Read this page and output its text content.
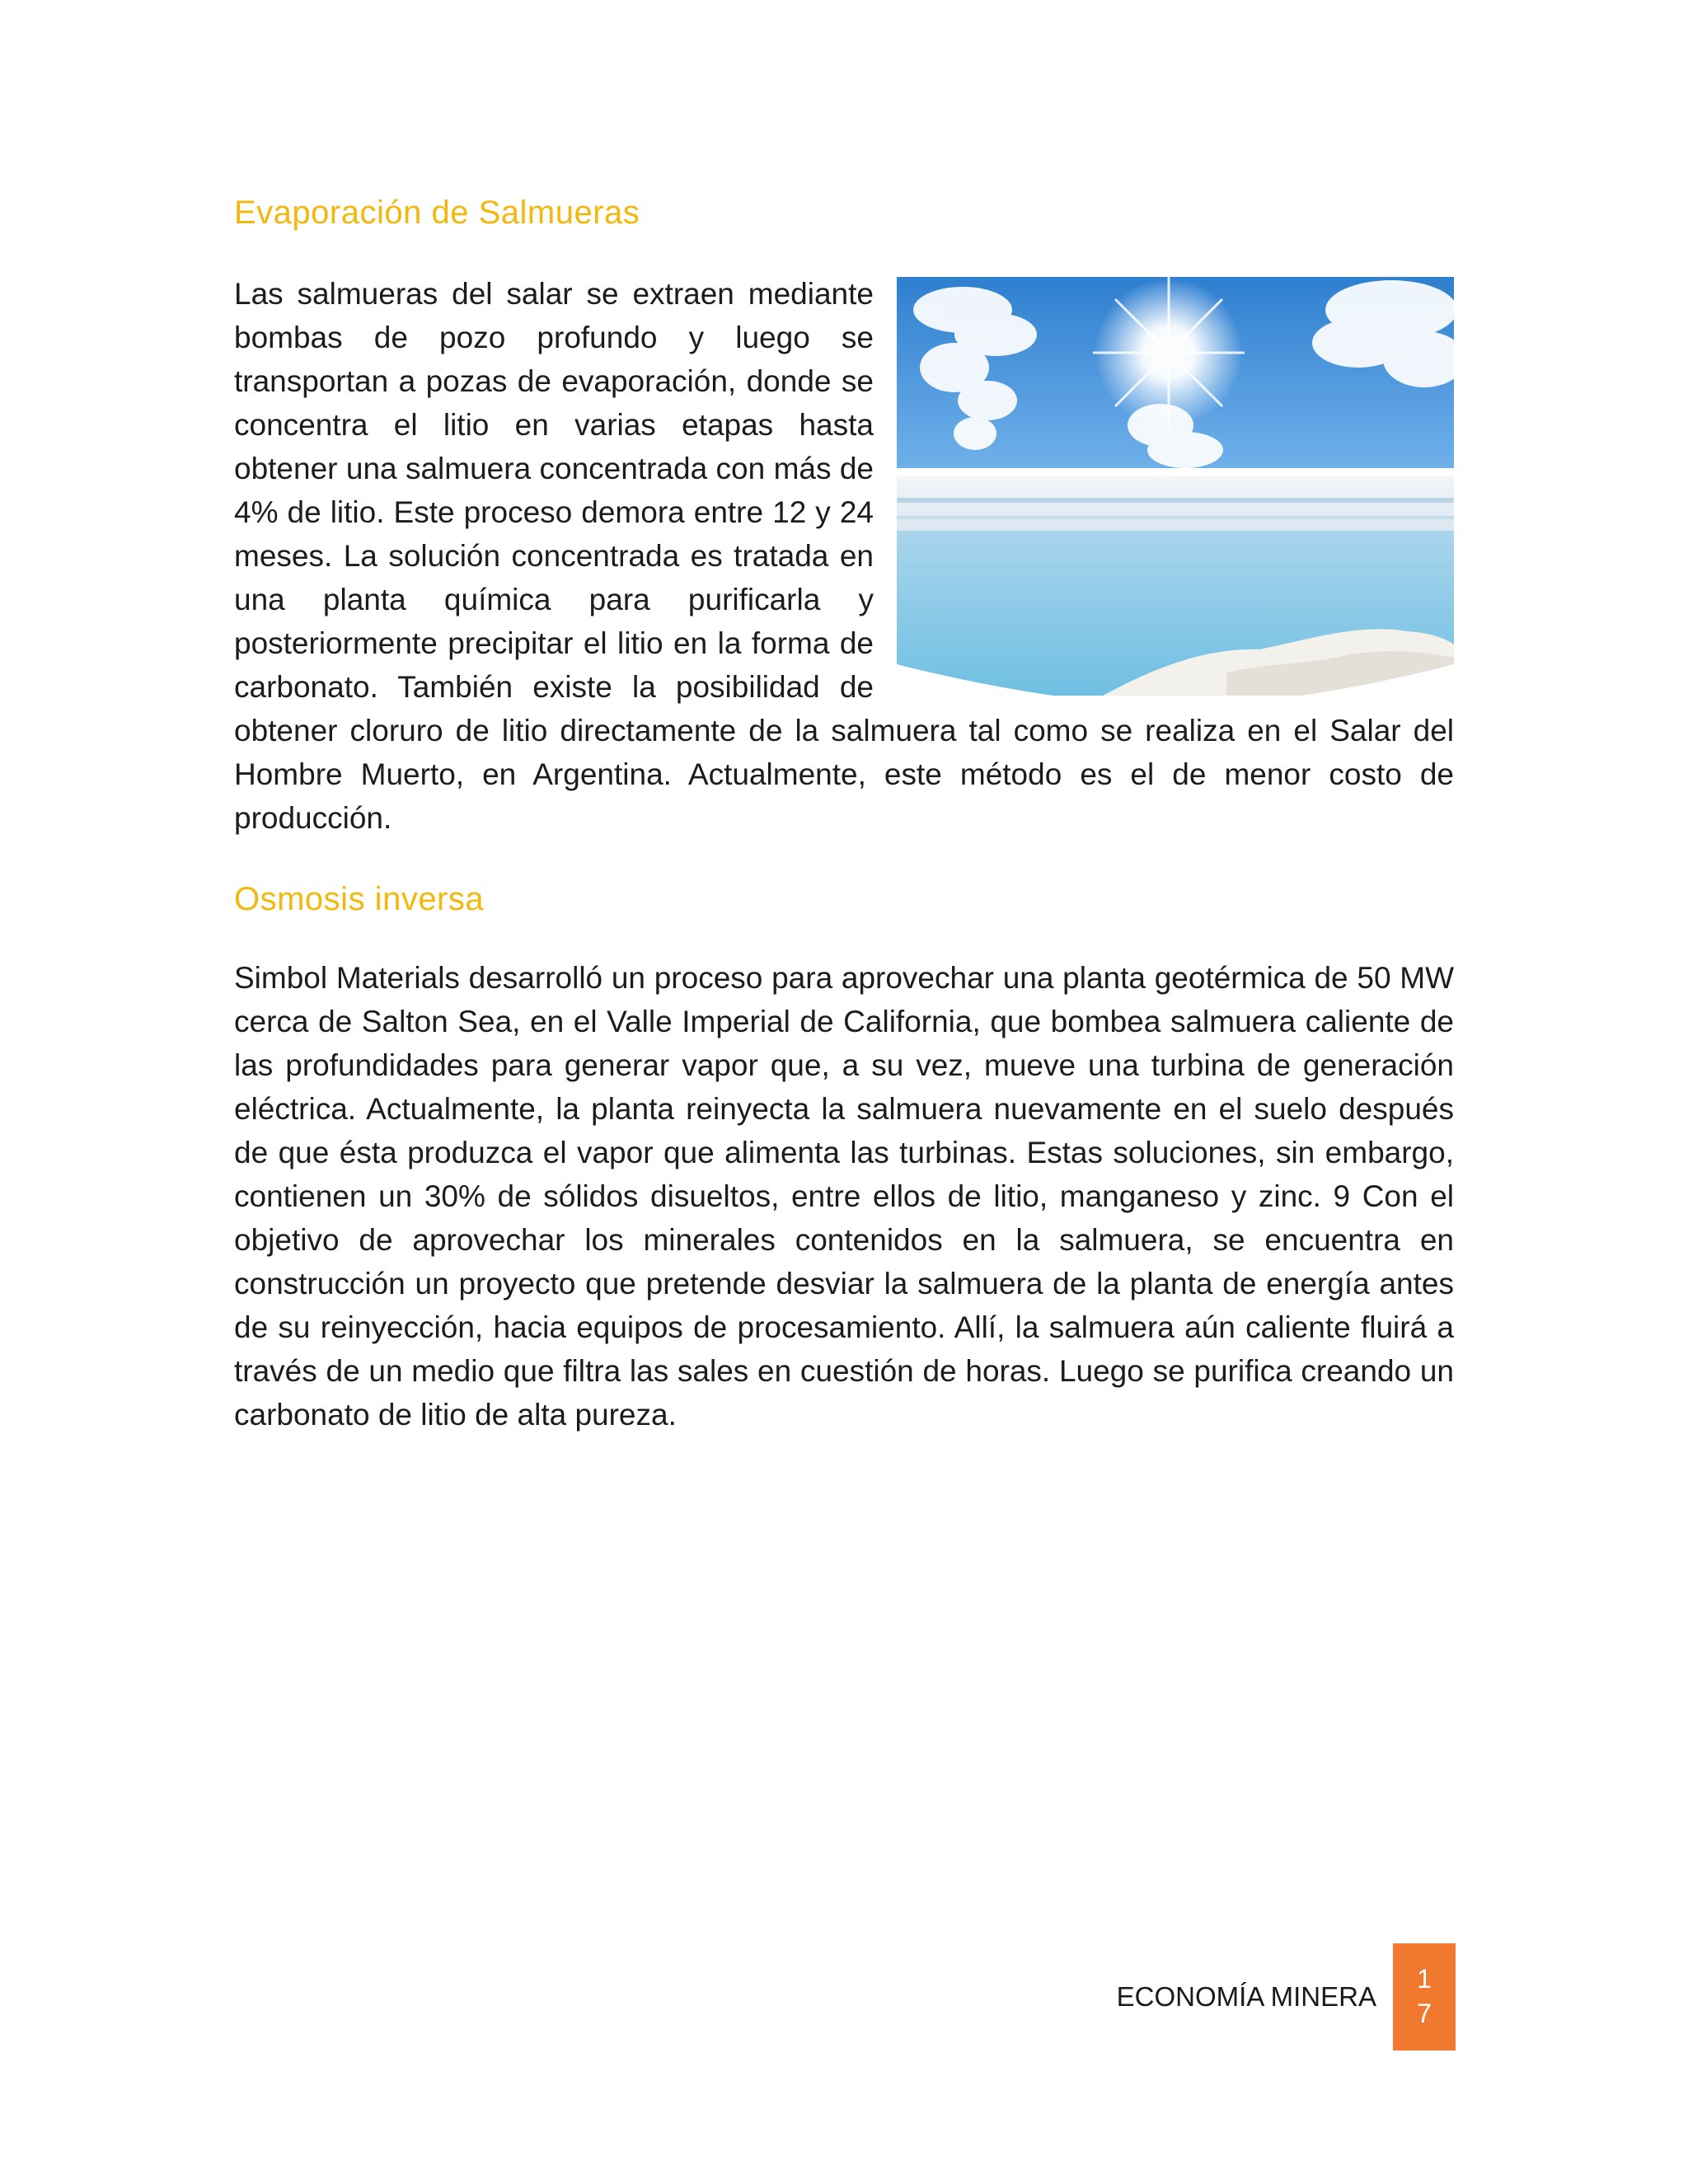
Evaporación de Salmueras

Las salmueras del salar se extraen mediante bombas de pozo profundo y luego se transportan a pozas de evaporación, donde se concentra el litio en varias etapas hasta obtener una salmuera concentrada con más de 4% de litio. Este proceso demora entre 12 y 24 meses. La solución concentrada es tratada en una planta química para purificarla y posteriormente precipitar el litio en la forma de carbonato. También existe la posibilidad de obtener cloruro de litio directamente de la salmuera tal como se realiza en el Salar del Hombre Muerto, en Argentina. Actualmente, este método es el de menor costo de producción.

Osmosis inversa

Simbol Materials desarrolló un proceso para aprovechar una planta geotérmica de 50 MW cerca de Salton Sea, en el Valle Imperial de California, que bombea salmuera caliente de las profundidades para generar vapor que, a su vez, mueve una turbina de generación eléctrica. Actualmente, la planta reinyecta la salmuera nuevamente en el suelo después de que ésta produzca el vapor que alimenta las turbinas. Estas soluciones, sin embargo, contienen un 30% de sólidos disueltos, entre ellos de litio, manganeso y zinc. 9 Con el objetivo de aprovechar los minerales contenidos en la salmuera, se encuentra en construcción un proyecto que pretende desviar la salmuera de la planta de energía antes de su reinyección, hacia equipos de procesamiento. Allí, la salmuera aún caliente fluirá a través de un medio que filtra las sales en cuestión de horas. Luego se purifica creando un carbonato de litio de alta pureza.

ECONOMÍA MINERA
1
7
